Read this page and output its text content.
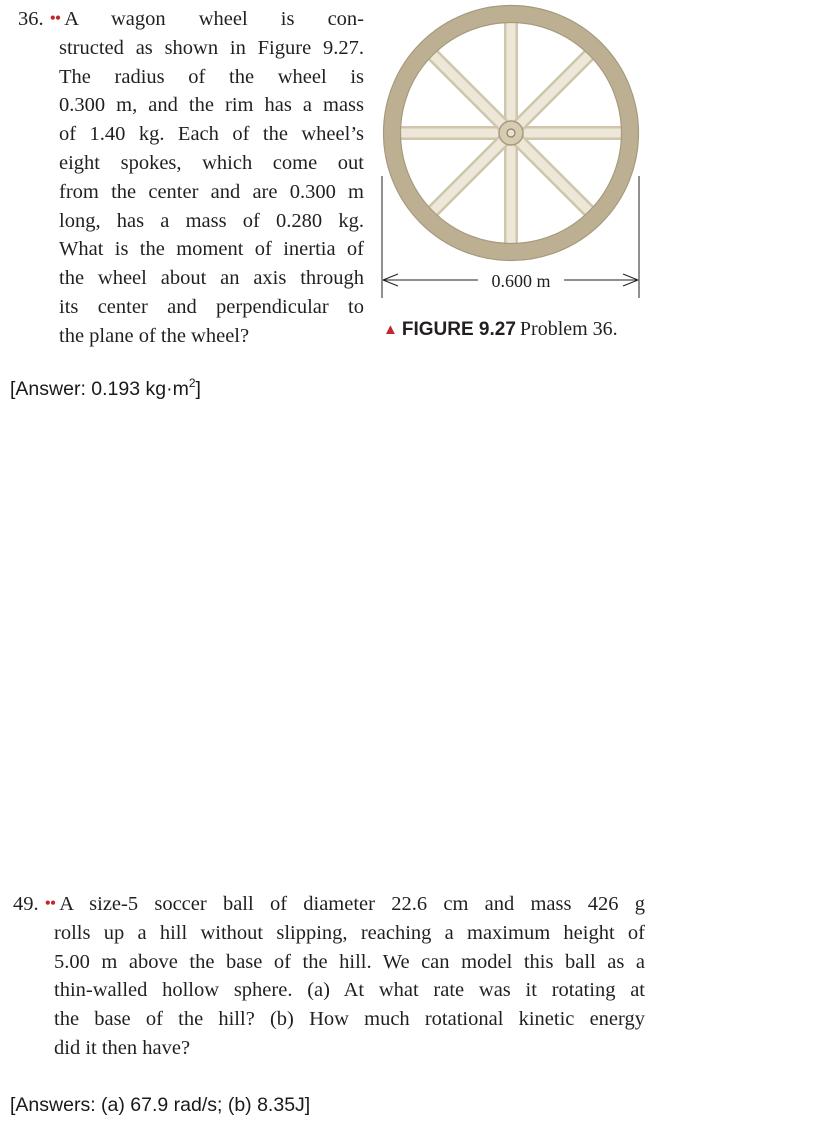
36. •• A wagon wheel is con-
structed as shown in Figure 9.27.
The radius of the wheel is
0.300 m, and the rim has a mass
of 1.40 kg. Each of the wheel’s
eight spokes, which come out
from the center and are 0.300 m
long, has a mass of 0.280 kg.
What is the moment of inertia of
the wheel about an axis through
its center and perpendicular to
the plane of the wheel?
0.600 m
▲ FIGURE 9.27 Problem 36.
[Answer: 0.193 $kg\cdot m^2$]
49. •• A size-5 soccer ball of diameter 22.6 cm and mass 426 g
rolls up a hill without slipping, reaching a maximum height of
5.00 m above the base of the hill. We can model this ball as a
thin-walled hollow sphere. (a) At what rate was it rotating at
the base of the hill? (b) How much rotational kinetic energy
did it then have?
[Answers: (a) 67.9 rad/s; (b) 8.35J]
